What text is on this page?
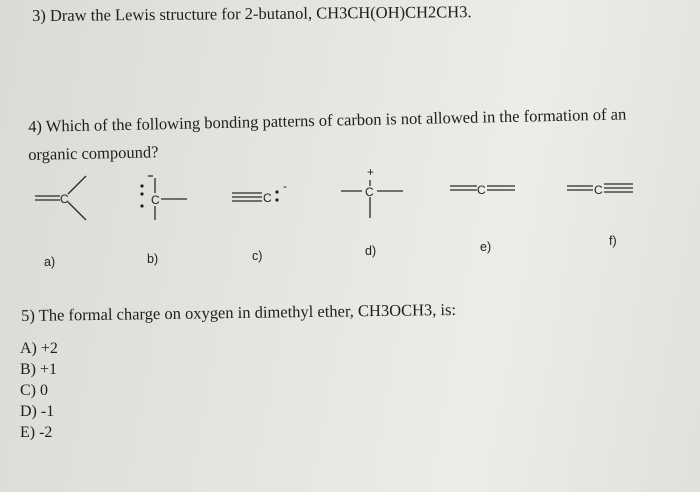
3) Draw the Lewis structure for 2-butanol, CH3CH(OH)CH2CH3.
4) Which of the following bonding patterns of carbon is not allowed in the formation of an
organic compound?
C	C	C
-
+
C	C	C
a)	b)	c)	d)	e)	f)
5) The formal charge on oxygen in dimethyl ether, CH3OCH3, is:
A) +2
B) +1
C) 0
D) -1
E) -2
